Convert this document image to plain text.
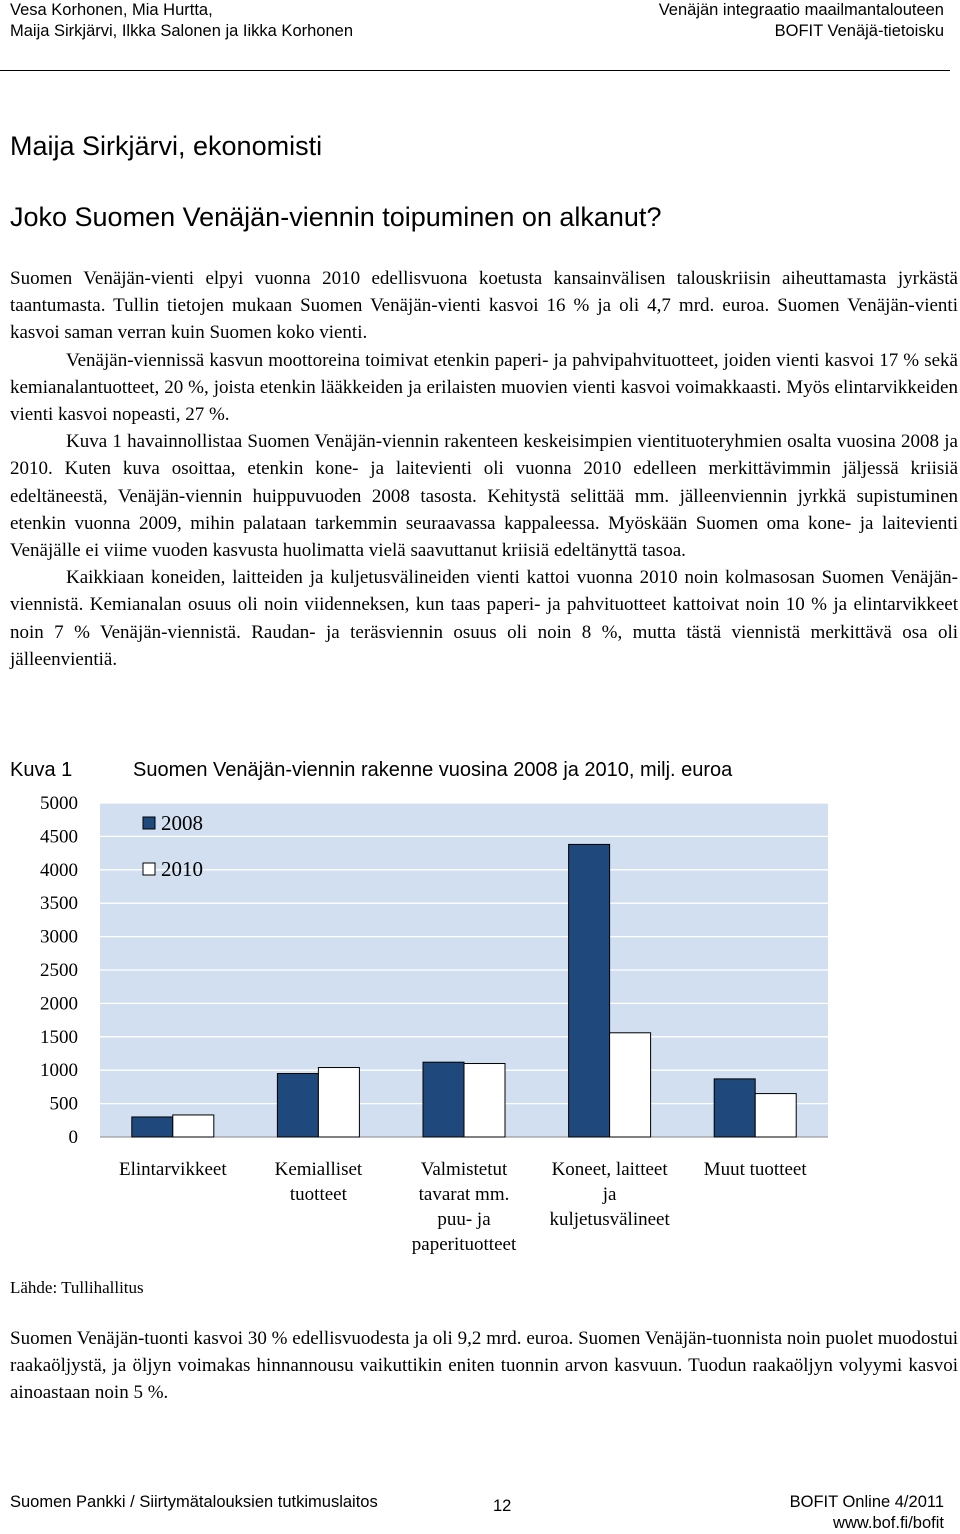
Vesa Korhonen, Mia Hurtta,
Maija Sirkjärvi, Ilkka Salonen ja Iikka Korhonen
Venäjän integraatio maailmantalouteen
BOFIT Venäjä-tietoisku
Maija Sirkjärvi, ekonomisti
Joko Suomen Venäjän-viennin toipuminen on alkanut?

Suomen Venäjän-vienti elpyi vuonna 2010 edellisvuona koetusta kansainvälisen talouskriisin aiheuttamasta jyrkästä taantumasta. Tullin tietojen mukaan Suomen Venäjän-vienti kasvoi 16 % ja oli 4,7 mrd. euroa. Suomen Venäjän-vienti kasvoi saman verran kuin Suomen koko vienti.

Venäjän-viennissä kasvun moottoreina toimivat etenkin paperi- ja pahvipahvituotteet, joiden vienti kasvoi 17 % sekä kemianalantuotteet, 20 %, joista etenkin lääkkeiden ja erilaisten muovien vienti kasvoi voimakkaasti. Myös elintarvikkeiden vienti kasvoi nopeasti, 27 %.

Kuva 1 havainnollistaa Suomen Venäjän-viennin rakenteen keskeisimpien vientituoteryhmien osalta vuosina 2008 ja 2010. Kuten kuva osoittaa, etenkin kone- ja laitevienti oli vuonna 2010 edelleen merkittävimmin jäljessä kriisiä edeltäneestä, Venäjän-viennin huippuvuoden 2008 tasosta. Kehitystä selittää mm. jälleenviennin jyrkkä supistuminen etenkin vuonna 2009, mihin palataan tarkemmin seuraavassa kappaleessa. Myöskään Suomen oma kone- ja laitevienti Venäjälle ei viime vuoden kasvusta huolimatta vielä saavuttanut kriisiä edeltänyttä tasoa.

Kaikkiaan koneiden, laitteiden ja kuljetusvälineiden vienti kattoi vuonna 2010 noin kolmasosan Suomen Venäjän-viennistä. Kemianalan osuus oli noin viidenneksen, kun taas paperi- ja pahvituotteet kattoivat noin 10 % ja elintarvikkeet noin 7 % Venäjän-viennistä. Raudan- ja teräsviennin osuus oli noin 8 %, mutta tästä viennistä merkittävä osa oli jälleenvientiä.

Kuva 1	Suomen Venäjän-viennin rakenne vuosina 2008 ja 2010, milj. euroa
5000
4500
4000
3500
3000
2500
2000
1500
1000
500
0
Elintarvikkeet	Kemialliset
tuotteet
Valmistetut
tavarat mm.
puu- ja
paperituotteet
Koneet, laitteet
ja
kuljetusvälineet
Muut tuotteet
2008
2010
Lähde: Tullihallitus

Suomen Venäjän-tuonti kasvoi 30 % edellisvuodesta ja oli 9,2 mrd. euroa. Suomen Venäjän-tuonnista noin puolet muodostui raakaöljystä, ja öljyn voimakas hinnannousu vaikuttikin eniten tuonnin arvon kasvuun. Tuodun raakaöljyn volyymi kasvoi ainoastaan noin 5 %.

Suomen Pankki / Siirtymätalouksien tutkimuslaitos	12	BOFIT Online 4/2011
www.bof.fi/bofit
